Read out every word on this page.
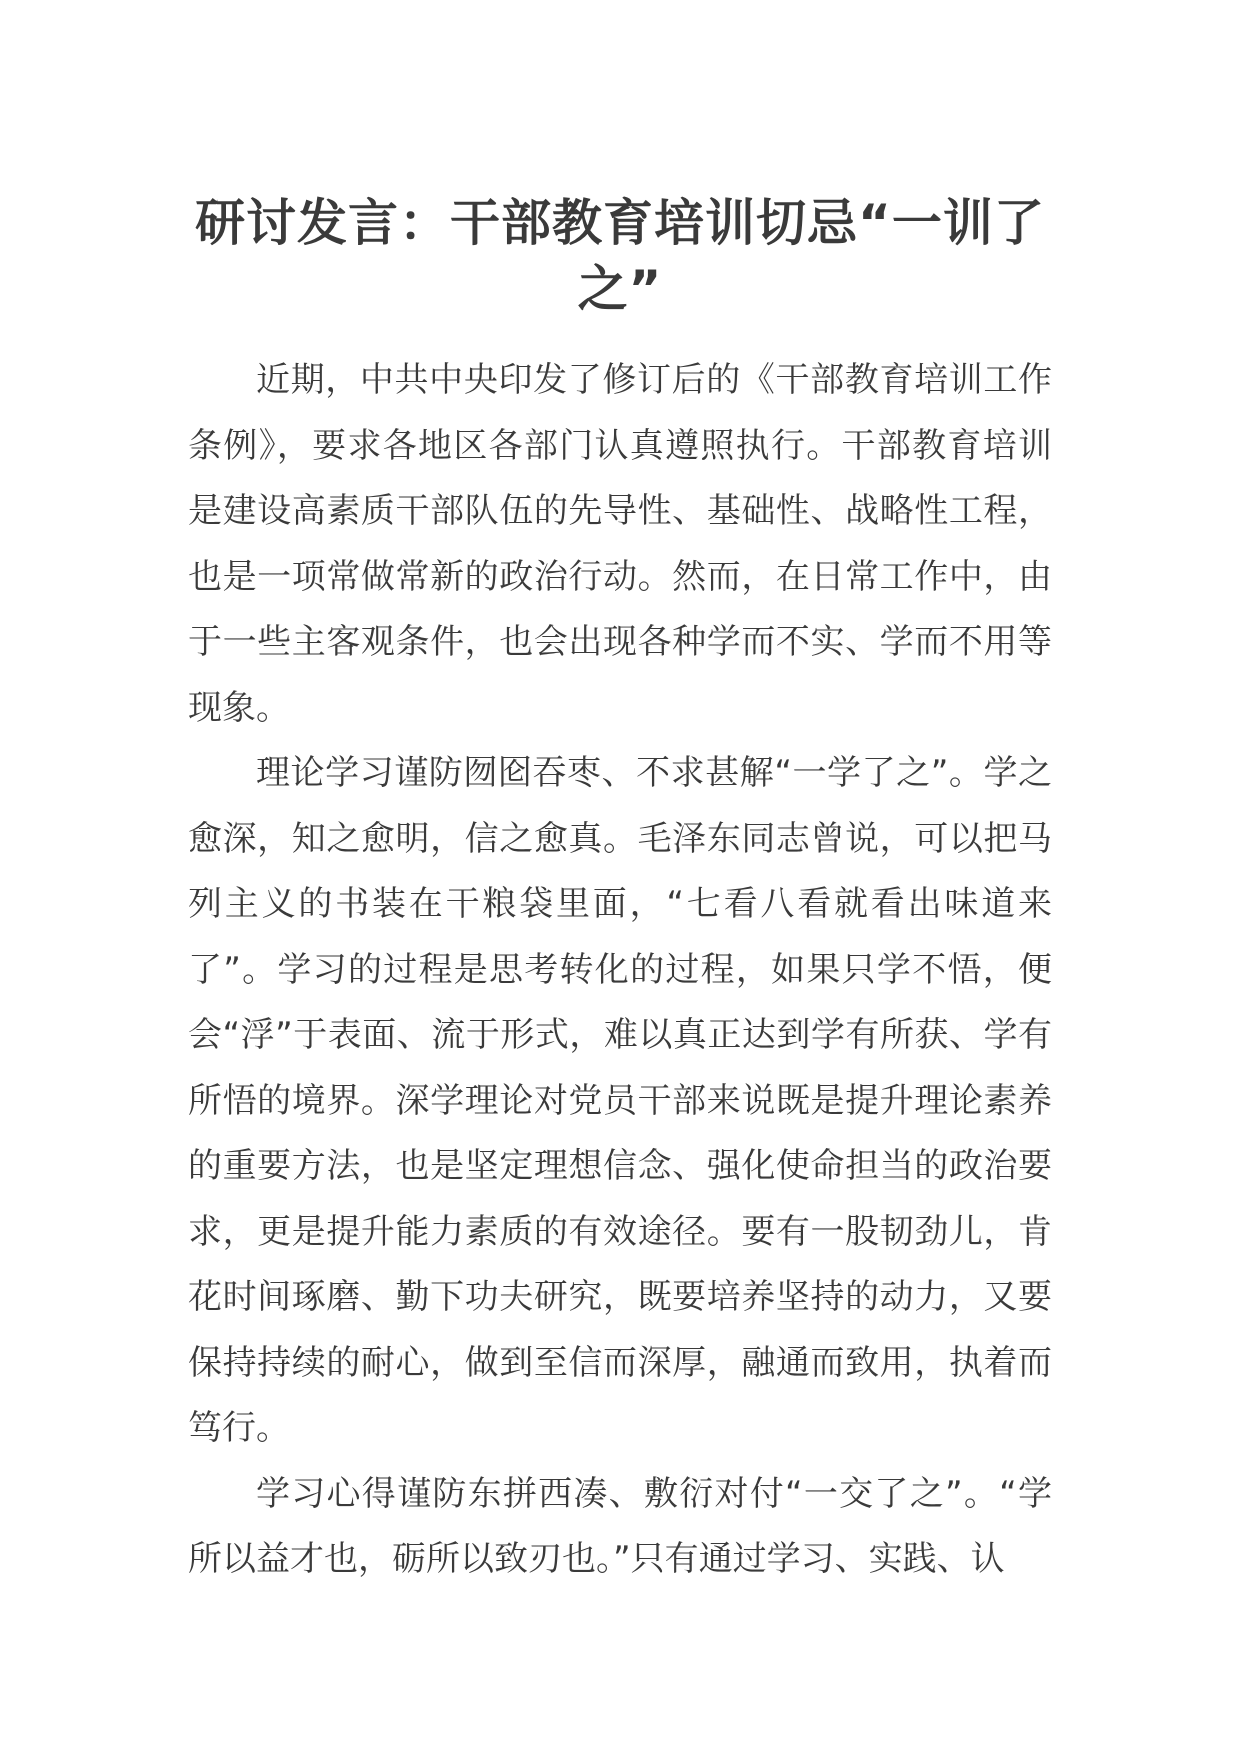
研讨发言：干部教育培训切忌“一训了之”

近期，中共中央印发了修订后的《干部教育培训工作条例》，要求各地区各部门认真遵照执行。干部教育培训是建设高素质干部队伍的先导性、基础性、战略性工程，也是一项常做常新的政治行动。然而，在日常工作中，由于一些主客观条件，也会出现各种学而不实、学而不用等现象。

理论学习谨防囫囵吞枣、不求甚解“一学了之”。学之愈深，知之愈明，信之愈真。毛泽东同志曾说，可以把马列主义的书装在干粮袋里面，“七看八看就看出味道来了”。学习的过程是思考转化的过程，如果只学不悟，便会“浮”于表面、流于形式，难以真正达到学有所获、学有所悟的境界。深学理论对党员干部来说既是提升理论素养的重要方法，也是坚定理想信念、强化使命担当的政治要求，更是提升能力素质的有效途径。要有一股韧劲儿，肯花时间琢磨、勤下功夫研究，既要培养坚持的动力，又要保持持续的耐心，做到至信而深厚，融通而致用，执着而笃行。

学习心得谨防东拼西凑、敷衍对付“一交了之”。“学所以益才也，砺所以致刃也。”只有通过学习、实践、认
